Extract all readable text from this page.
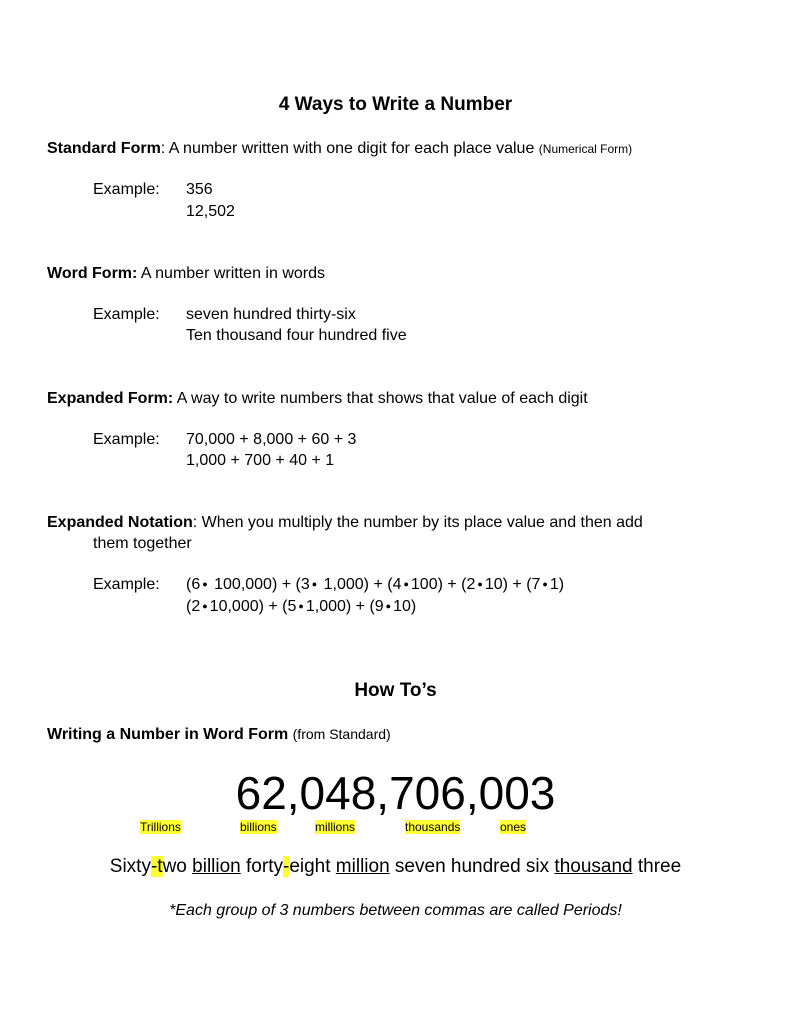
4 Ways to Write a Number
Standard Form: A number written with one digit for each place value (Numerical Form)
Example: 356
12,502
Word Form: A number written in words
Example: seven hundred thirty-six
Ten thousand four hundred five
Expanded Form: A way to write numbers that shows that value of each digit
Example: 70,000 + 8,000 + 60 + 3
1,000 + 700 + 40 + 1
Expanded Notation: When you multiply the number by its place value and then add
them together
Example: (6 ● 100,000) + (3 ● 1,000) + (4 ● 100) + (2 ● 10) + (7 ● 1)
(2 ● 10,000) + (5 ● 1,000) + (9 ● 10)
How To’s
Writing a Number in Word Form (from Standard)
62,048,706,003
Trillions	billions	millions	thousands	ones
Sixty-two billion forty-eight million seven hundred six thousand three
*Each group of 3 numbers between commas are called Periods!
